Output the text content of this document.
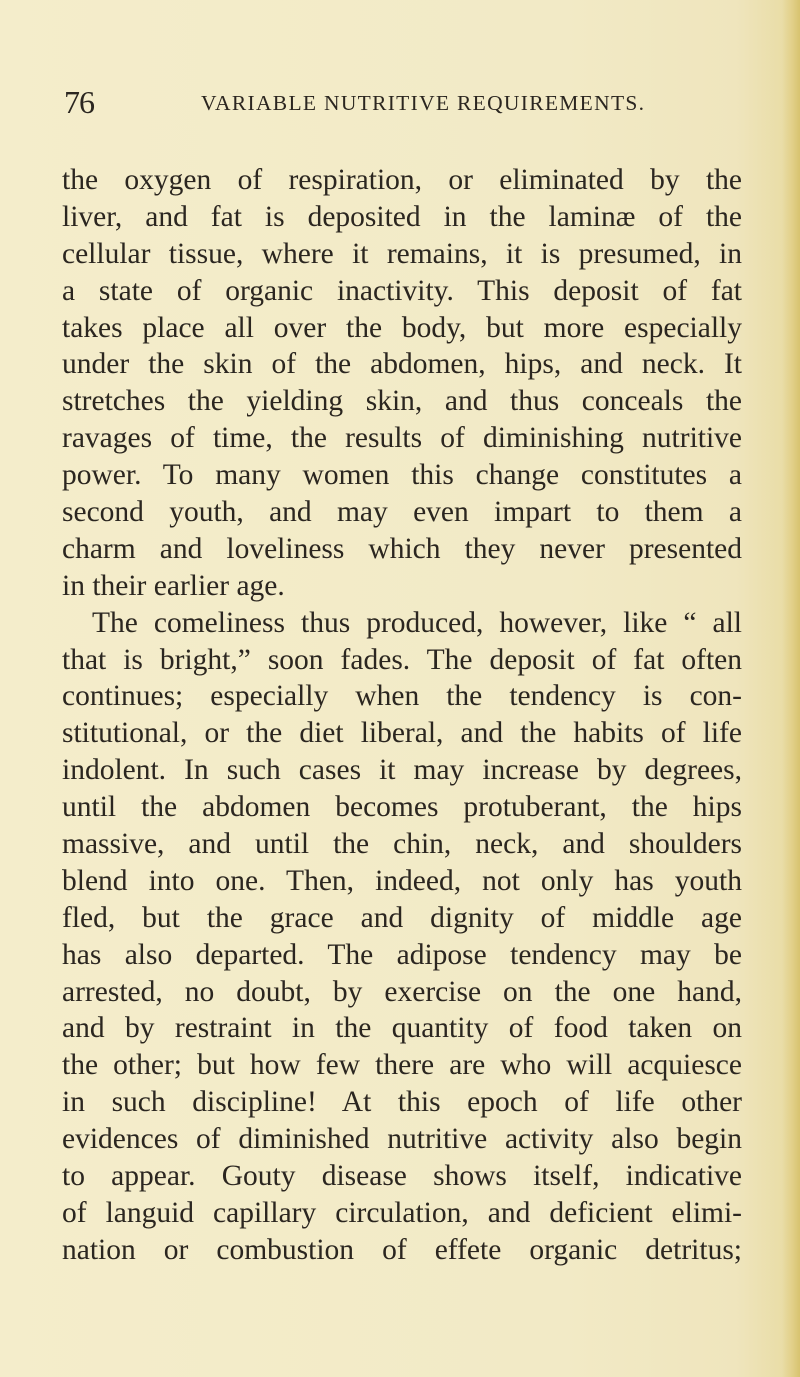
76	VARIABLE NUTRITIVE REQUIREMENTS.
the oxygen of respiration, or eliminated by the
liver, and fat is deposited in the laminæ of the
cellular tissue, where it remains, it is presumed, in
a state of organic inactivity. This deposit of fat
takes place all over the body, but more especially
under the skin of the abdomen, hips, and neck. It
stretches the yielding skin, and thus conceals the
ravages of time, the results of diminishing nutritive
power. To many women this change constitutes a
second youth, and may even impart to them a
charm and loveliness which they never presented
in their earlier age.
The comeliness thus produced, however, like “ all
that is bright,” soon fades. The deposit of fat often
continues; especially when the tendency is con-
stitutional, or the diet liberal, and the habits of life
indolent. In such cases it may increase by degrees,
until the abdomen becomes protuberant, the hips
massive, and until the chin, neck, and shoulders
blend into one. Then, indeed, not only has youth
fled, but the grace and dignity of middle age
has also departed. The adipose tendency may be
arrested, no doubt, by exercise on the one hand,
and by restraint in the quantity of food taken on
the other; but how few there are who will acquiesce
in such discipline! At this epoch of life other
evidences of diminished nutritive activity also begin
to appear. Gouty disease shows itself, indicative
of languid capillary circulation, and deficient elimi-
nation or combustion of effete organic detritus;
